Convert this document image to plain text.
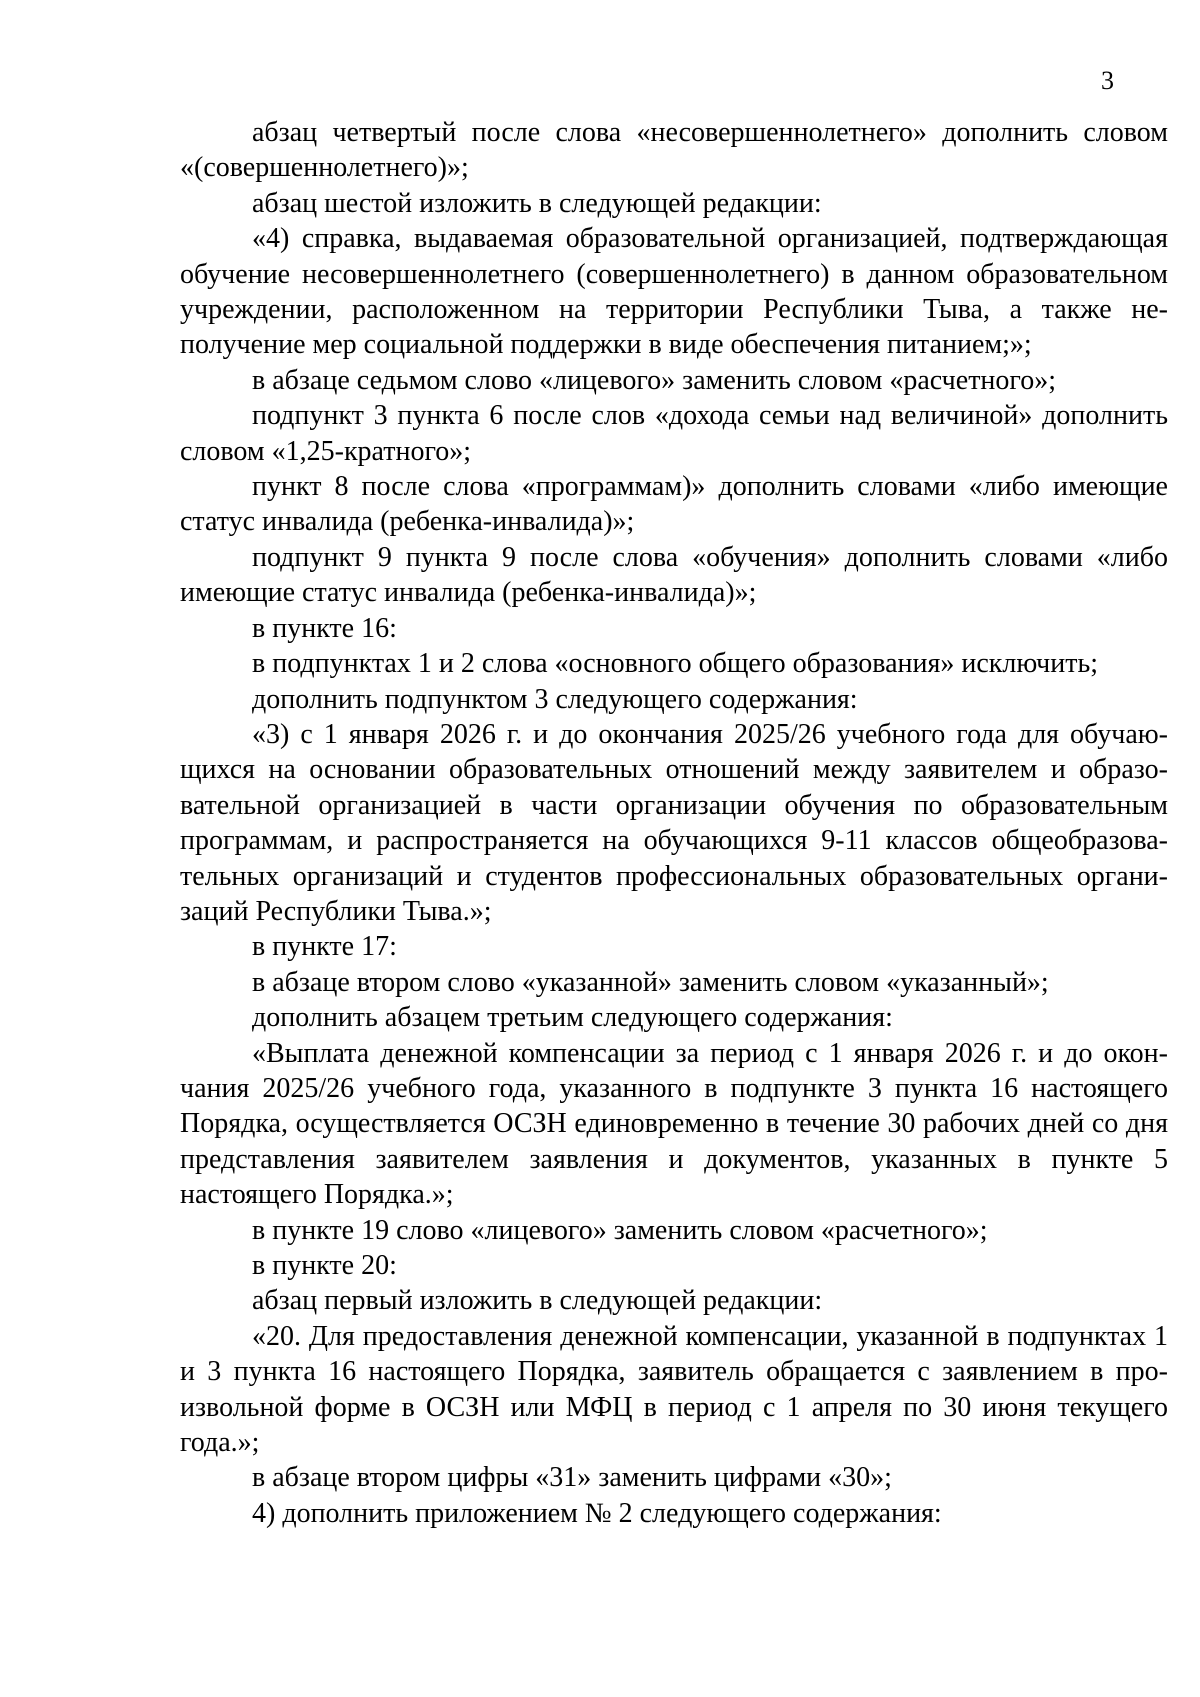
3

абзац четвертый после слова «несовершеннолетнего» дополнить словом «(совершеннолетнего)»;

абзац шестой изложить в следующей редакции:

«4) справка, выдаваемая образовательной организацией, подтверждающая обучение несовершеннолетнего (совершеннолетнего) в данном образовательном учреждении, расположенном на территории Республики Тыва, а также неполучение мер социальной поддержки в виде обеспечения питанием;»;

в абзаце седьмом слово «лицевого» заменить словом «расчетного»;

подпункт 3 пункта 6 после слов «дохода семьи над величиной» дополнить словом «1,25-кратного»;

пункт 8 после слова «программам)» дополнить словами «либо имеющие статус инвалида (ребенка-инвалида)»;

подпункт 9 пункта 9 после слова «обучения» дополнить словами «либо имеющие статус инвалида (ребенка-инвалида)»;

в пункте 16:

в подпунктах 1 и 2 слова «основного общего образования» исключить;

дополнить подпунктом 3 следующего содержания:

«3) с 1 января 2026 г. и до окончания 2025/26 учебного года для обучающихся на основании образовательных отношений между заявителем и образовательной организацией в части организации обучения по образовательным программам, и распространяется на обучающихся 9-11 классов общеобразовательных организаций и студентов профессиональных образовательных организаций Республики Тыва.»;

в пункте 17:

в абзаце втором слово «указанной» заменить словом «указанный»;

дополнить абзацем третьим следующего содержания:

«Выплата денежной компенсации за период с 1 января 2026 г. и до окончания 2025/26 учебного года, указанного в подпункте 3 пункта 16 настоящего Порядка, осуществляется ОСЗН единовременно в течение 30 рабочих дней со дня представления заявителем заявления и документов, указанных в пункте 5 настоящего Порядка.»;

в пункте 19 слово «лицевого» заменить словом «расчетного»;

в пункте 20:

абзац первый изложить в следующей редакции:

«20. Для предоставления денежной компенсации, указанной в подпунктах 1 и 3 пункта 16 настоящего Порядка, заявитель обращается с заявлением в произвольной форме в ОСЗН или МФЦ в период с 1 апреля по 30 июня текущего года.»;

в абзаце втором цифры «31» заменить цифрами «30»;

4) дополнить приложением № 2 следующего содержания:
